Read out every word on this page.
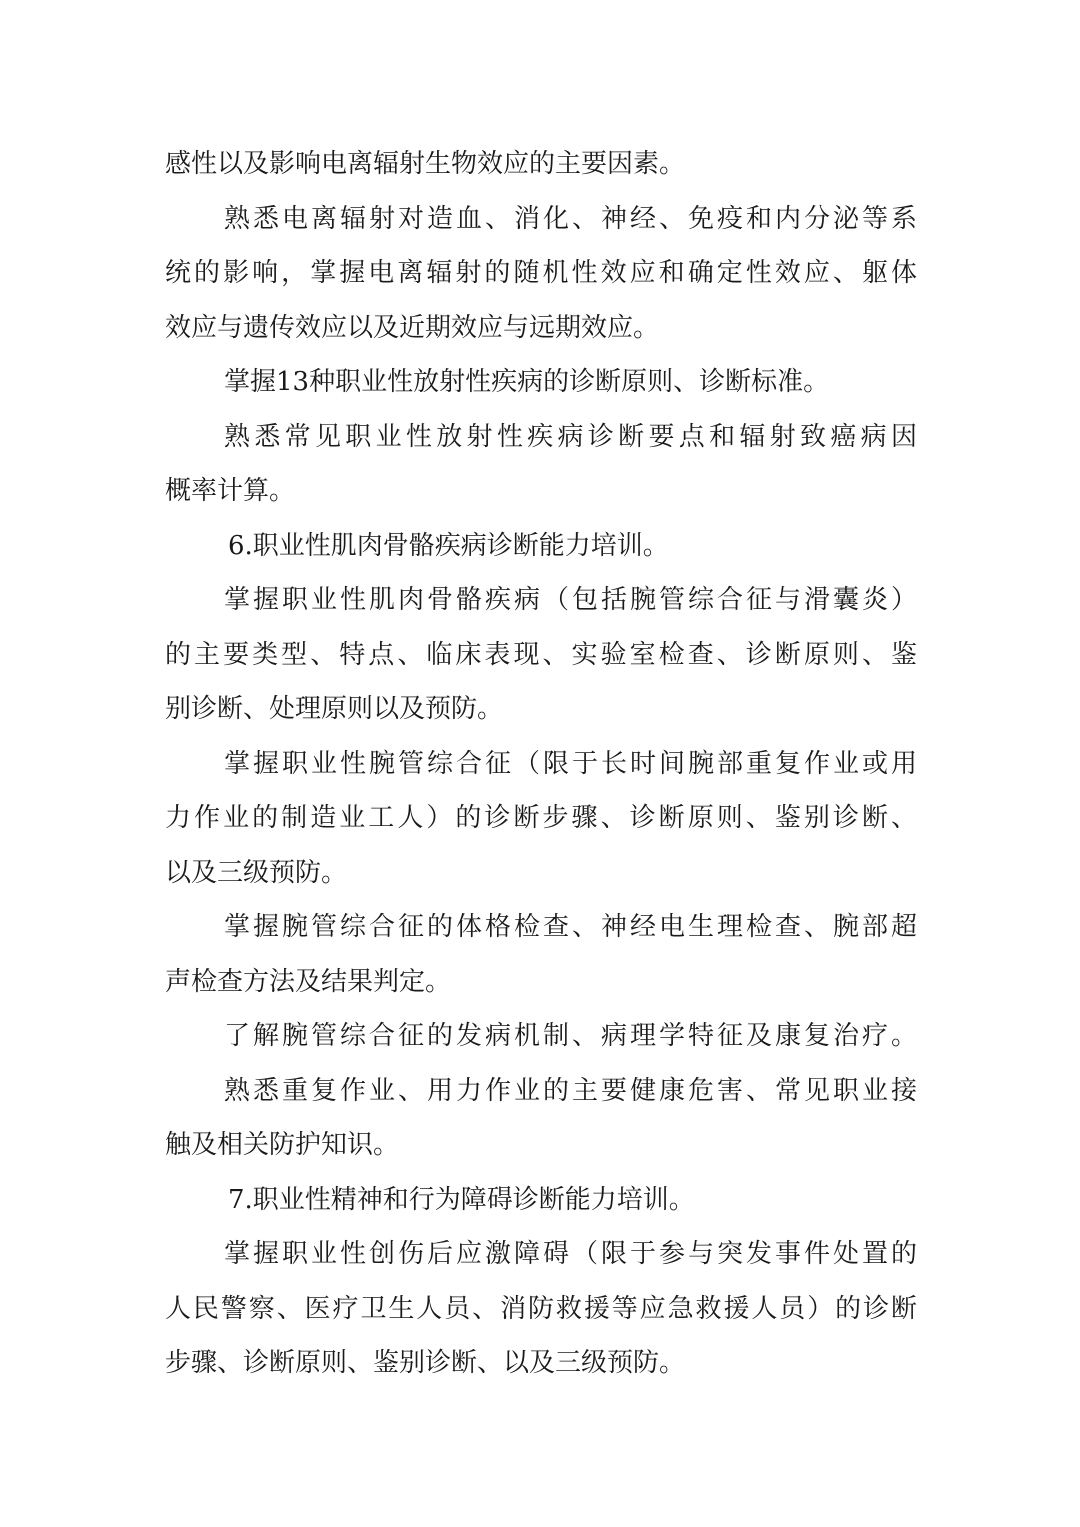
感性以及影响电离辐射生物效应的主要因素。
熟悉电离辐射对造血、消化、神经、免疫和内分泌等系
统的影响，掌握电离辐射的随机性效应和确定性效应、躯体
效应与遗传效应以及近期效应与远期效应。
掌握13种职业性放射性疾病的诊断原则、诊断标准。
熟悉常见职业性放射性疾病诊断要点和辐射致癌病因
概率计算。
6.职业性肌肉骨骼疾病诊断能力培训。
掌握职业性肌肉骨骼疾病（包括腕管综合征与滑囊炎）
的主要类型、特点、临床表现、实验室检查、诊断原则、鉴
别诊断、处理原则以及预防。
掌握职业性腕管综合征（限于长时间腕部重复作业或用
力作业的制造业工人）的诊断步骤、诊断原则、鉴别诊断、
以及三级预防。
掌握腕管综合征的体格检查、神经电生理检查、腕部超
声检查方法及结果判定。
了解腕管综合征的发病机制、病理学特征及康复治疗。
熟悉重复作业、用力作业的主要健康危害、常见职业接
触及相关防护知识。
7.职业性精神和行为障碍诊断能力培训。
掌握职业性创伤后应激障碍（限于参与突发事件处置的
人民警察、医疗卫生人员、消防救援等应急救援人员）的诊断
步骤、诊断原则、鉴别诊断、以及三级预防。
